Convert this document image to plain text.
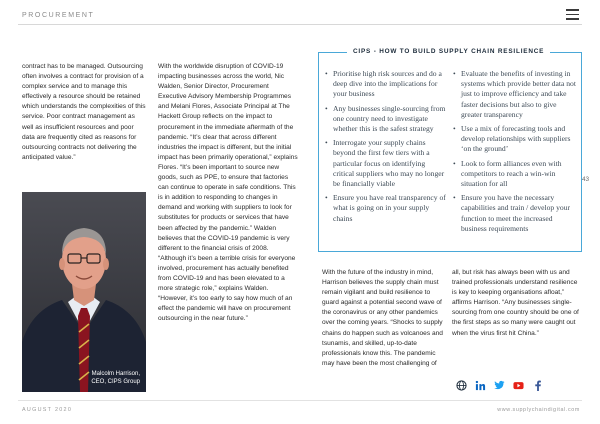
PROCUREMENT

contract has to be managed. Outsourcing often involves a contract for provision of a complex service and to manage this effectively a resource should be retained which understands the complexities of this service. Poor contract management as well as insufficient resources and poor data are frequently cited as reasons for outsourcing contracts not delivering the anticipated value.”

Malcolm Harrison,
CEO, CIPS Group

With the worldwide disruption of COVID-19 impacting businesses across the world, Nic Walden, Senior Director, Procurement Executive Advisory Membership Programmes and Melani Flores, Associate Principal at The Hackett Group reflects on the impact to procurement in the immediate aftermath of the pandemic. “It’s clear that across different industries the impact is different, but the initial impact has been primarily operational,” explains Flores. “It’s been important to source new goods, such as PPE, to ensure that factories can continue to operate in safe conditions. This is in addition to responding to changes in demand and working with suppliers to look for substitutes for products or services that have been affected by the pandemic.” Walden believes that the COVID-19 pandemic is very different to the financial crisis of 2008. “Although it’s been a terrible crisis for everyone involved, procurement has actually benefited from COVID-19 and has been elevated to a more strategic role,” explains Walden. “However, it’s too early to say how much of an effect the pandemic will have on procurement outsourcing in the near future.”

CIPS - HOW TO BUILD SUPPLY CHAIN RESILIENCE
• Prioritise high risk sources and do a deep dive into the implications for your business
• Any businesses single-sourcing from one country need to investigate whether this is the safest strategy
• Interrogate your supply chains beyond the first few tiers with a particular focus on identifying critical suppliers who may no longer be financially viable
• Ensure you have real transparency of what is going on in your supply chains
• Evaluate the benefits of investing in systems which provide better data not just to improve efficiency and take faster decisions but also to give greater transparency
• Use a mix of forecasting tools and develop relationships with suppliers ‘on the ground’
• Look to form alliances even with competitors to reach a win-win situation for all
• Ensure you have the necessary capabilities and train / develop your function to meet the increased business requirements
43

With the future of the industry in mind, Harrison believes the supply chain must remain vigilant and build resilience to guard against a potential second wave of the coronavirus or any other pandemics over the coming years. “Shocks to supply chains do happen such as volcanoes and tsunamis, and skilled, up-to-date professionals know this. The pandemic may have been the most challenging of

all, but risk has always been with us and trained professionals understand resilience is key to keeping organisations afloat,” affirms Harrison. “Any businesses single-sourcing from one country should be one of the first steps as so many were caught out when the virus first hit China.”

AUGUST 2020	www.supplychaindigital.com
